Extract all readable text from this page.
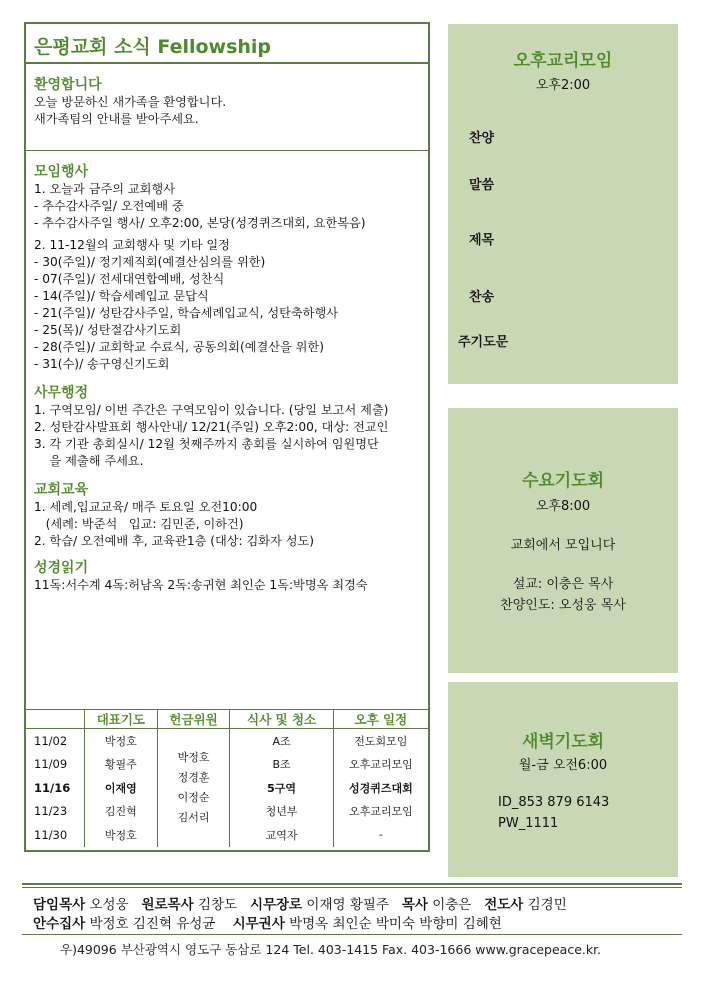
은평교회 소식 Fellowship
환영합니다
오늘 방문하신 새가족을 환영합니다.
새가족팀의 안내를 받아주세요.
모임행사
1. 오늘과 금주의 교회행사
- 추수감사주일/ 오전예배 중
- 추수감사주일 행사/ 오후2:00, 본당(성경퀴즈대회, 요한복음)
2. 11-12월의 교회행사 및 기타 일정
- 30(주일)/ 정기제직회(예결산심의를 위한)
- 07(주일)/ 전세대연합예배, 성찬식
- 14(주일)/ 학습세례입교 문답식
- 21(주일)/ 성탄감사주일, 학습세례입교식, 성탄축하행사
- 25(목)/ 성탄절감사기도회
- 28(주일)/ 교회학교 수료식, 공동의회(예결산을 위한)
- 31(수)/ 송구영신기도회
사무행정
1. 구역모임/ 이번 주간은 구역모임이 있습니다. (당일 보고서 제출)
2. 성탄감사발표회 행사안내/ 12/21(주일) 오후2:00, 대상: 전교인
3. 각 기관 총회실시/ 12월 첫째주까지 총회를 실시하여 임원명단
을 제출해 주세요.
교회교육
1. 세례,입교교육/ 매주 토요일 오전10:00
(세례: 박준석   입교: 김민준, 이하건)
2. 학습/ 오전예배 후, 교육관1층 (대상: 김화자 성도)
성경읽기
11독:서수계 4독:허남옥 2독:송귀현 최인순 1독:박명옥 최경숙
	대표기도	헌금위원	식사 및 청소	오후 일정
11/02	박정호	박정호
정경훈
이정순
김서리	A조	전도회모임
11/09	황필주		B조	오후교리모임
11/16	이재영		5구역	성경퀴즈대회
11/23	김진혁		청년부	오후교리모임
11/30	박정호		교역자	-
오후교리모임
오후2:00
찬양
말씀
제목
찬송
주기도문
수요기도회
오후8:00
교회에서 모입니다
설교: 이충은 목사
찬양인도: 오성웅 목사
새벽기도회
월-금 오전6:00
ID_853 879 6143
PW_1111
담임목사 오성웅 원로목사 김창도 시무장로 이재영 황필주 목사 이충은 전도사 김경민
안수집사 박정호 김진혁 유성균 시무권사 박명옥 최인순 박미숙 박향미 김혜현
우)49096 부산광역시 영도구 동삼로 124 Tel. 403-1415 Fax. 403-1666 www.gracepeace.kr.
